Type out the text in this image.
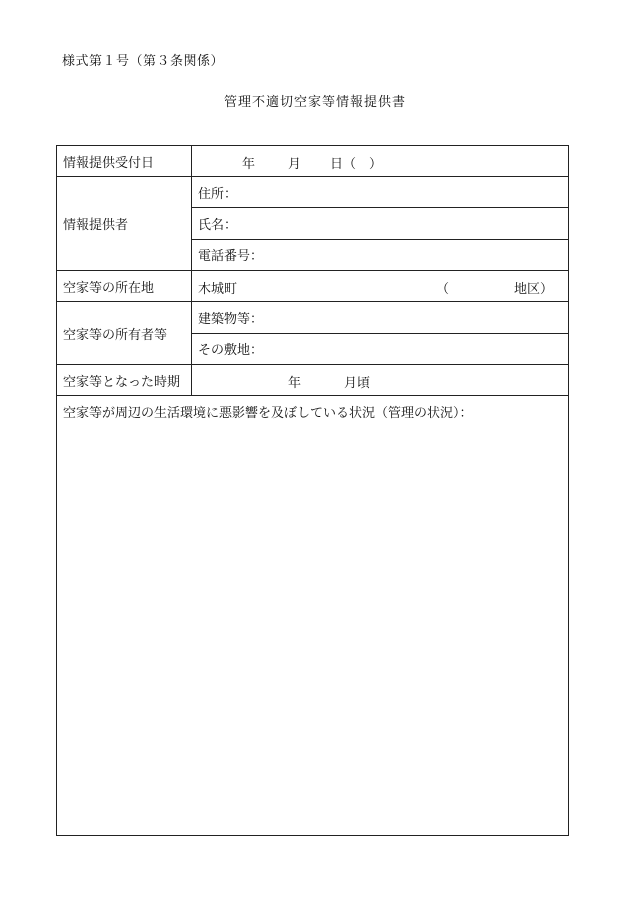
様式第１号（第３条関係）
管理不適切空家等情報提供書
情報提供受付日	年 月 日（　）

情報提供者	住所：
	氏名：
	電話番号：
空家等の所在地	木城町 （ 地区）

空家等の所有者等	建築物等：
	その敷地：
空家等となった時期	年 月頃

空家等が周辺の生活環境に悪影響を及ぼしている状況（管理の状況）：	
